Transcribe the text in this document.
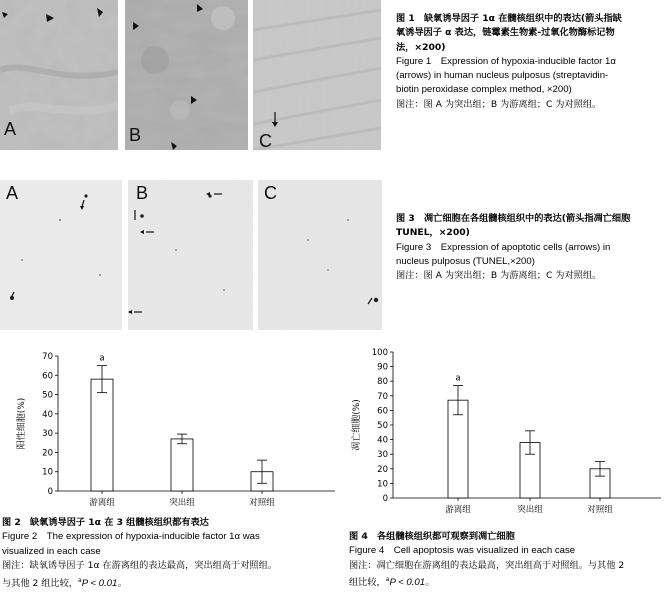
A	B	C
图 1　缺氧诱导因子 1α 在髓核组织中的表达(箭头指缺
氧诱导因子 α 表达，链霉素生物素-过氧化物酶标记物
法，×200)
Figure 1　Expression of hypoxia-inducible factor 1α
(arrows) in human nucleus pulposus (streptavidin-
biotin peroxidase complex method, ×200)
图注：图 A 为突出组；B 为游离组；C 为对照组。
A	B	C
图 3　凋亡细胞在各组髓核组织中的表达(箭头指凋亡细胞
TUNEL，×200)
Figure 3　Expression of apoptotic cells (arrows) in
nucleus pulposus (TUNEL,×200)
图注：图 A 为突出组；B 为游离组；C 为对照组。
0
10
20
30
40
50
60
70
阳性细胞(%)
游离组
a
突出组	对照组	0
10
20
30
40
50
60
70
80
90
100
凋亡细胞(%)
游离组
a
突出组	对照组
图 2　缺氧诱导因子 1α 在 3 组髓核组织都有表达
Figure 2　The expression of hypoxia-inducible factor 1α was
visualized in each case
图注：缺氧诱导因子 1α 在游离组的表达最高，突出组高于对照组。
与其他 2 组比较，$^a$P < 0.01。
图 4　各组髓核组织都可观察到凋亡细胞
Figure 4　Cell apoptosis was visualized in each case
图注：凋亡细胞在游离组的表达最高，突出组高于对照组。与其他 2
组比较，$^a$P < 0.01。
